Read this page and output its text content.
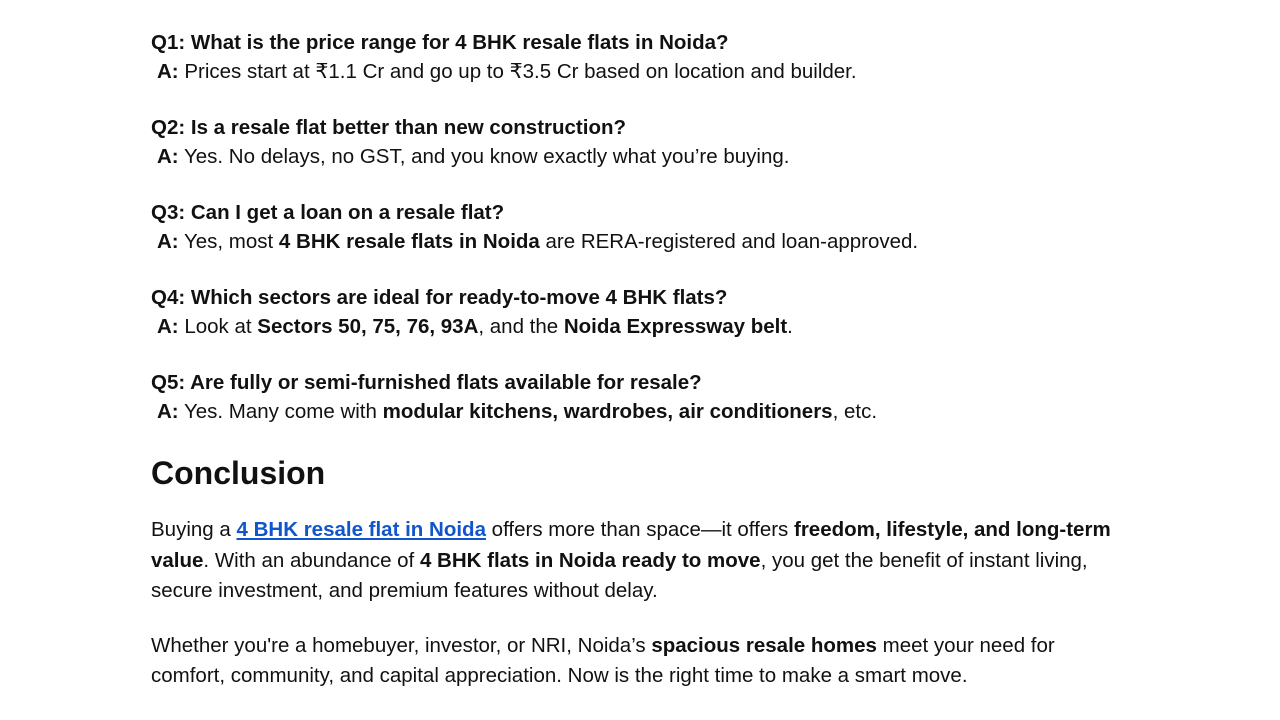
Q1: What is the price range for 4 BHK resale flats in Noida?

A: Prices start at ₹1.1 Cr and go up to ₹3.5 Cr based on location and builder.

Q2: Is a resale flat better than new construction?

A: Yes. No delays, no GST, and you know exactly what you’re buying.

Q3: Can I get a loan on a resale flat?

A: Yes, most 4 BHK resale flats in Noida are RERA-registered and loan-approved.

Q4: Which sectors are ideal for ready-to-move 4 BHK flats?

A: Look at Sectors 50, 75, 76, 93A, and the Noida Expressway belt.

Q5: Are fully or semi-furnished flats available for resale?

A: Yes. Many come with modular kitchens, wardrobes, air conditioners, etc.

Conclusion

Buying a 4 BHK resale flat in Noida offers more than space—it offers freedom, lifestyle, and long-term value. With an abundance of 4 BHK flats in Noida ready to move, you get the benefit of instant living, secure investment, and premium features without delay.

Whether you're a homebuyer, investor, or NRI, Noida’s spacious resale homes meet your need for comfort, community, and capital appreciation. Now is the right time to make a smart move.
